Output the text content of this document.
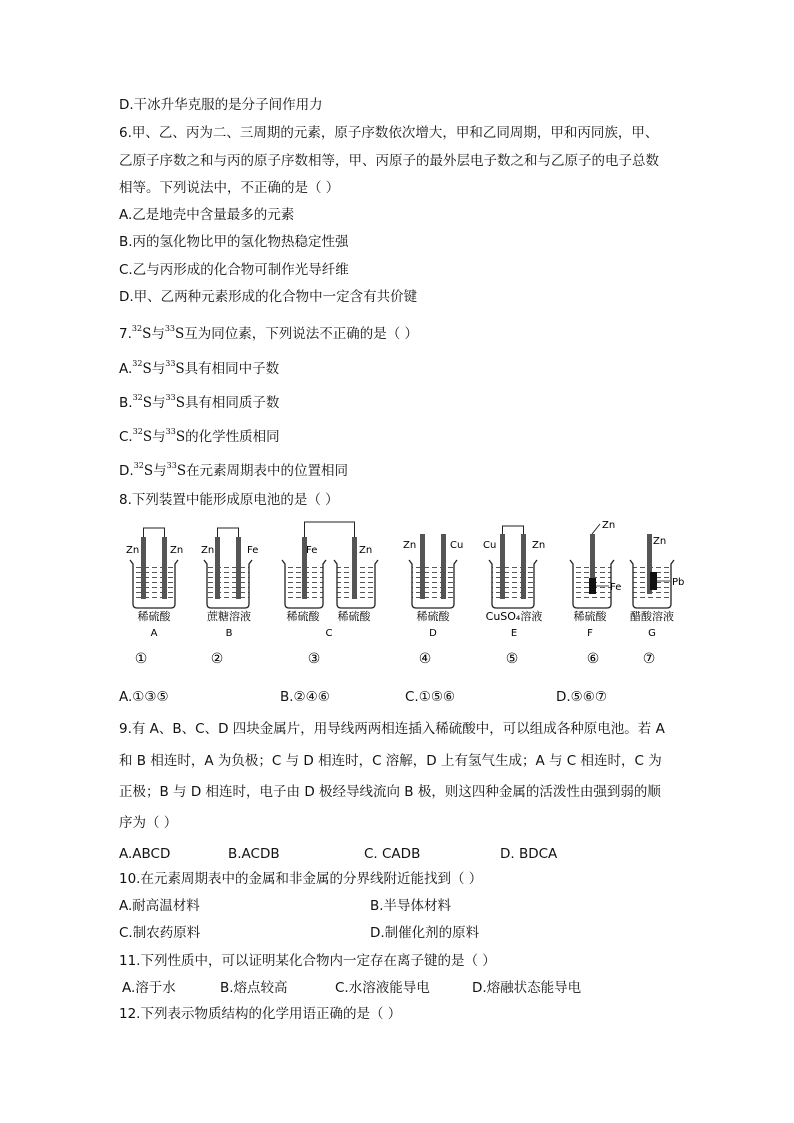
D.干冰升华克服的是分子间作用力
6.甲、乙、丙为二、三周期的元素，原子序数依次增大，甲和乙同周期，甲和丙同族，甲、
乙原子序数之和与丙的原子序数相等，甲、丙原子的最外层电子数之和与乙原子的电子总数
相等。下列说法中，不正确的是（ ）
A.乙是地壳中含量最多的元素
B.丙的氢化物比甲的氢化物热稳定性强
C.乙与丙形成的化合物可制作光导纤维
D.甲、乙两种元素形成的化合物中一定含有共价键
7.32S与$^{33}$S互为同位素，下列说法不正确的是（ ）
A.$^{32}$S与$^{33}$S具有相同中子数
B.$^{32}$S与$^{33}$S具有相同质子数
C.$^{32}$S与$^{33}$S的化学性质相同
D.$^{32}$S与$^{33}$S在元素周期表中的位置相同
8.下列装置中能形成原电池的是（ ）
Zn	Zn
稀硫酸
A
①
Zn	Fe
蔗糖溶液
B
②
Fe	Zn
稀硫酸 稀硫酸
C
③
Zn	Cu
稀硫酸
D
④
Cu	Zn
CuSO₄溶液
E
⑤
Zn
Fe
稀硫酸
F
⑥
Zn
Pb
醋酸溶液
G
⑦
A.①③⑤	B.②④⑥	C.①⑤⑥	D.⑤⑥⑦
9.有 A、B、C、D 四块金属片，用导线两两相连插入稀硫酸中，可以组成各种原电池。若 A
和 B 相连时，A 为负极；C 与 D 相连时，C 溶解，D 上有氢气生成；A 与 C 相连时，C 为
正极；B 与 D 相连时，电子由 D 极经导线流向 B 极，则这四种金属的活泼性由强到弱的顺
序为（ ）
A.ABCD	B.ACDB	C. CADB	D. BDCA
10.在元素周期表中的金属和非金属的分界线附近能找到（ ）
A.耐高温材料	B.半导体材料
C.制农药原料	D.制催化剂的原料
11.下列性质中，可以证明某化合物内一定存在离子键的是（ ）
A.溶于水	B.熔点较高	C.水溶液能导电	D.熔融状态能导电
12.下列表示物质结构的化学用语正确的是（ ）
